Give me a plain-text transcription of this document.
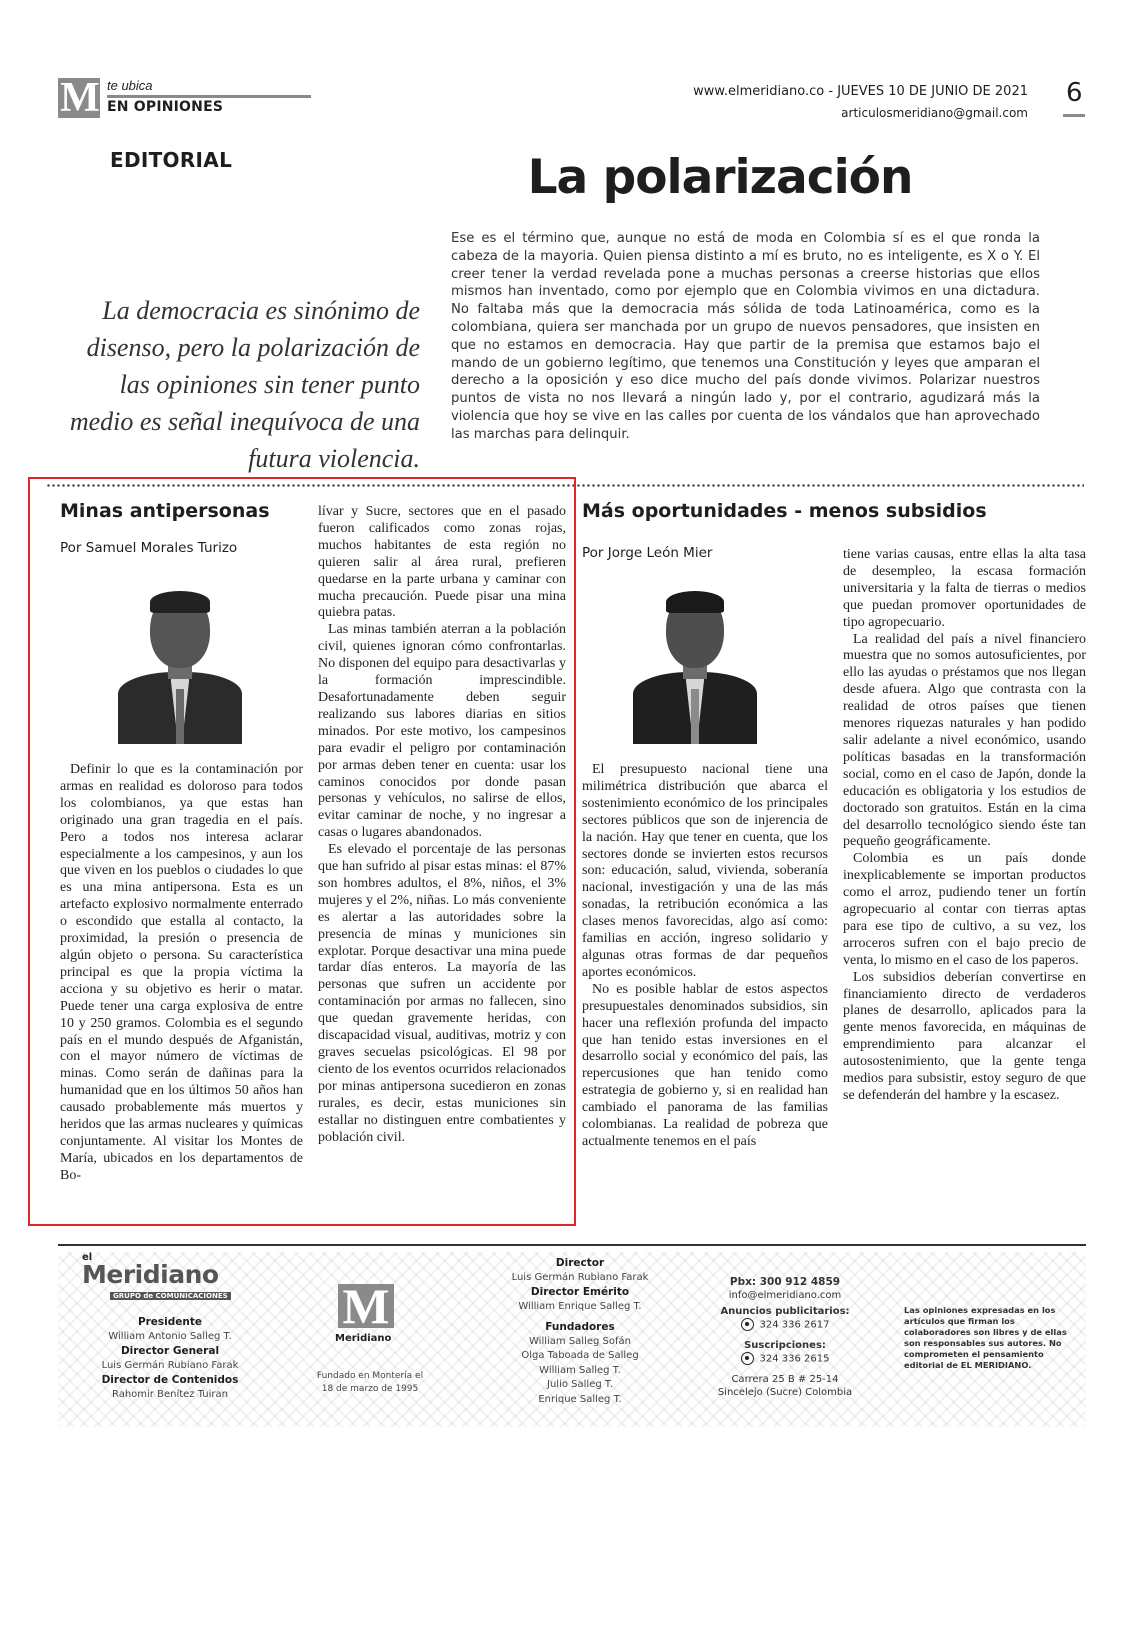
M te ubica
EN OPINIONES
www.elmeridiano.co - JUEVES 10 DE JUNIO DE 2021
articulosmeridiano@gmail.com
6
EDITORIAL	La polarización
La democracia es sinónimo de disenso, pero la polarización de las opiniones sin tener punto medio es señal inequívoca de una futura violencia.
Ese es el término que, aunque no está de moda en Colombia sí es el que ronda la cabeza de la mayoria. Quien piensa distinto a mí es bruto, no es inteligente, es X o Y. El creer tener la verdad revelada pone a muchas personas a creerse historias que ellos mismos han inventado, como por ejemplo que en Colombia vivimos en una dictadura. No faltaba más que la democracia más sólida de toda Latinoamérica, como es la colombiana, quiera ser manchada por un grupo de nuevos pensadores, que insisten en que no estamos en democracia. Hay que partir de la premisa que estamos bajo el mando de un gobierno legítimo, que tenemos una Constitución y leyes que amparan el derecho a la oposición y eso dice mucho del país donde vivimos. Polarizar nuestros puntos de vista no nos llevará a ningún lado y, por el contrario, agudizará más la violencia que hoy se vive en las calles por cuenta de los vándalos que han aprovechado las marchas para delinquir.
Minas antipersonas
Por Samuel Morales Turizo

Definir lo que es la contaminación por armas en realidad es doloroso para todos los colombianos, ya que estas han originado una gran tragedia en el país. Pero a todos nos interesa aclarar especialmente a los campesinos, y aun los que viven en los pueblos o ciudades lo que es una mina antipersona. Esta es un artefacto explosivo normalmente enterrado o escondido que estalla al contacto, la proximidad, la presión o presencia de algún objeto o persona. Su característica principal es que la propia víctima la acciona y su objetivo es herir o matar. Puede tener una carga explosiva de entre 10 y 250 gramos. Colombia es el segundo país en el mundo después de Afganistán, con el mayor número de víctimas de minas. Como serán de dañinas para la humanidad que en los últimos 50 años han causado probablemente más muertos y heridos que las armas nucleares y químicas conjuntamente. Al visitar los Montes de María, ubicados en los departamentos de Bo-

lívar y Sucre, sectores que en el pasado fueron calificados como zonas rojas, muchos habitantes de esta región no quieren salir al área rural, prefieren quedarse en la parte urbana y caminar con mucha precaución. Puede pisar una mina quiebra patas.

Las minas también aterran a la población civil, quienes ignoran cómo confrontarlas. No disponen del equipo para desactivarlas y la formación imprescindible. Desafortunadamente deben seguir realizando sus labores diarias en sitios minados. Por este motivo, los campesinos para evadir el peligro por contaminación por armas deben tener en cuenta: usar los caminos conocidos por donde pasan personas y vehículos, no salirse de ellos, evitar caminar de noche, y no ingresar a casas o lugares abandonados.

Es elevado el porcentaje de las personas que han sufrido al pisar estas minas: el 87% son hombres adultos, el 8%, niños, el 3% mujeres y el 2%, niñas. Lo más conveniente es alertar a las autoridades sobre la presencia de minas y municiones sin explotar. Porque desactivar una mina puede tardar días enteros. La mayoría de las personas que sufren un accidente por contaminación por armas no fallecen, sino que quedan gravemente heridas, con discapacidad visual, auditivas, motriz y con graves secuelas psicológicas. El 98 por ciento de los eventos ocurridos relacionados por minas antipersona sucedieron en zonas rurales, es decir, estas municiones sin estallar no distinguen entre combatientes y población civil.

Más oportunidades - menos subsidios
Por Jorge León Mier

El presupuesto nacional tiene una milimétrica distribución que abarca el sostenimiento económico de los principales sectores públicos que son de injerencia de la nación. Hay que tener en cuenta, que los sectores donde se invierten estos recursos son: educación, salud, vivienda, soberanía nacional, investigación y una de las más sonadas, la retribución económica a las clases menos favorecidas, algo así como: familias en acción, ingreso solidario y algunas otras formas de dar pequeños aportes económicos.

No es posible hablar de estos aspectos presupuestales denominados subsidios, sin hacer una reflexión profunda del impacto que han tenido estas inversiones en el desarrollo social y económico del país, las repercusiones que han tenido como estrategia de gobierno y, si en realidad han cambiado el panorama de las familias colombianas. La realidad de pobreza que actualmente tenemos en el país

tiene varias causas, entre ellas la alta tasa de desempleo, la escasa formación universitaria y la falta de tierras o medios que puedan promover oportunidades de tipo agropecuario.

La realidad del país a nivel financiero muestra que no somos autosuficientes, por ello las ayudas o préstamos que nos llegan desde afuera. Algo que contrasta con la realidad de otros países que tienen menores riquezas naturales y han podido salir adelante a nivel económico, usando políticas basadas en la transformación social, como en el caso de Japón, donde la educación es obligatoria y los estudios de doctorado son gratuitos. Están en la cima del desarrollo tecnológico siendo éste tan pequeño geográficamente.

Colombia es un país donde inexplicablemente se importan productos como el arroz, pudiendo tener un fortín agropecuario al contar con tierras aptas para ese tipo de cultivo, a su vez, los arroceros sufren con el bajo precio de venta, lo mismo en el caso de los paperos.

Los subsidios deberían convertirse en financiamiento directo de verdaderos planes de desarrollo, aplicados para la gente menos favorecida, en máquinas de emprendimiento para alcanzar el autosostenimiento, que la gente tenga medios para subsistir, estoy seguro de que se defenderán del hambre y la escasez.

el
Meridiano
GRUPO de COMUNICACIONES
Presidente
William Antonio Salleg T.
Director General
Luis Germán Rubiano Farak
Director de Contenidos
Rahomir Benítez Tuiran
M
Meridiano
Fundado en Montería el 18 de marzo de 1995
Director
Luis Germán Rubiano Farak
Director Emérito
William Enrique Salleg T.
Fundadores
William Salleg Sofán
Olga Taboada de Salleg
William Salleg T.
Julio Salleg T.
Enrique Salleg T.
Pbx: 300 912 4859
info@elmeridiano.com
Anuncios publicitarios:
324 336 2617
Suscripciones:
324 336 2615
Carrera 25 B # 25-14
Sincelejo (Sucre) Colombia
Las opiniones expresadas en los artículos que firman los colaboradores son libres y de ellas son responsables sus autores. No comprometen el pensamiento editorial de EL MERIDIANO.
